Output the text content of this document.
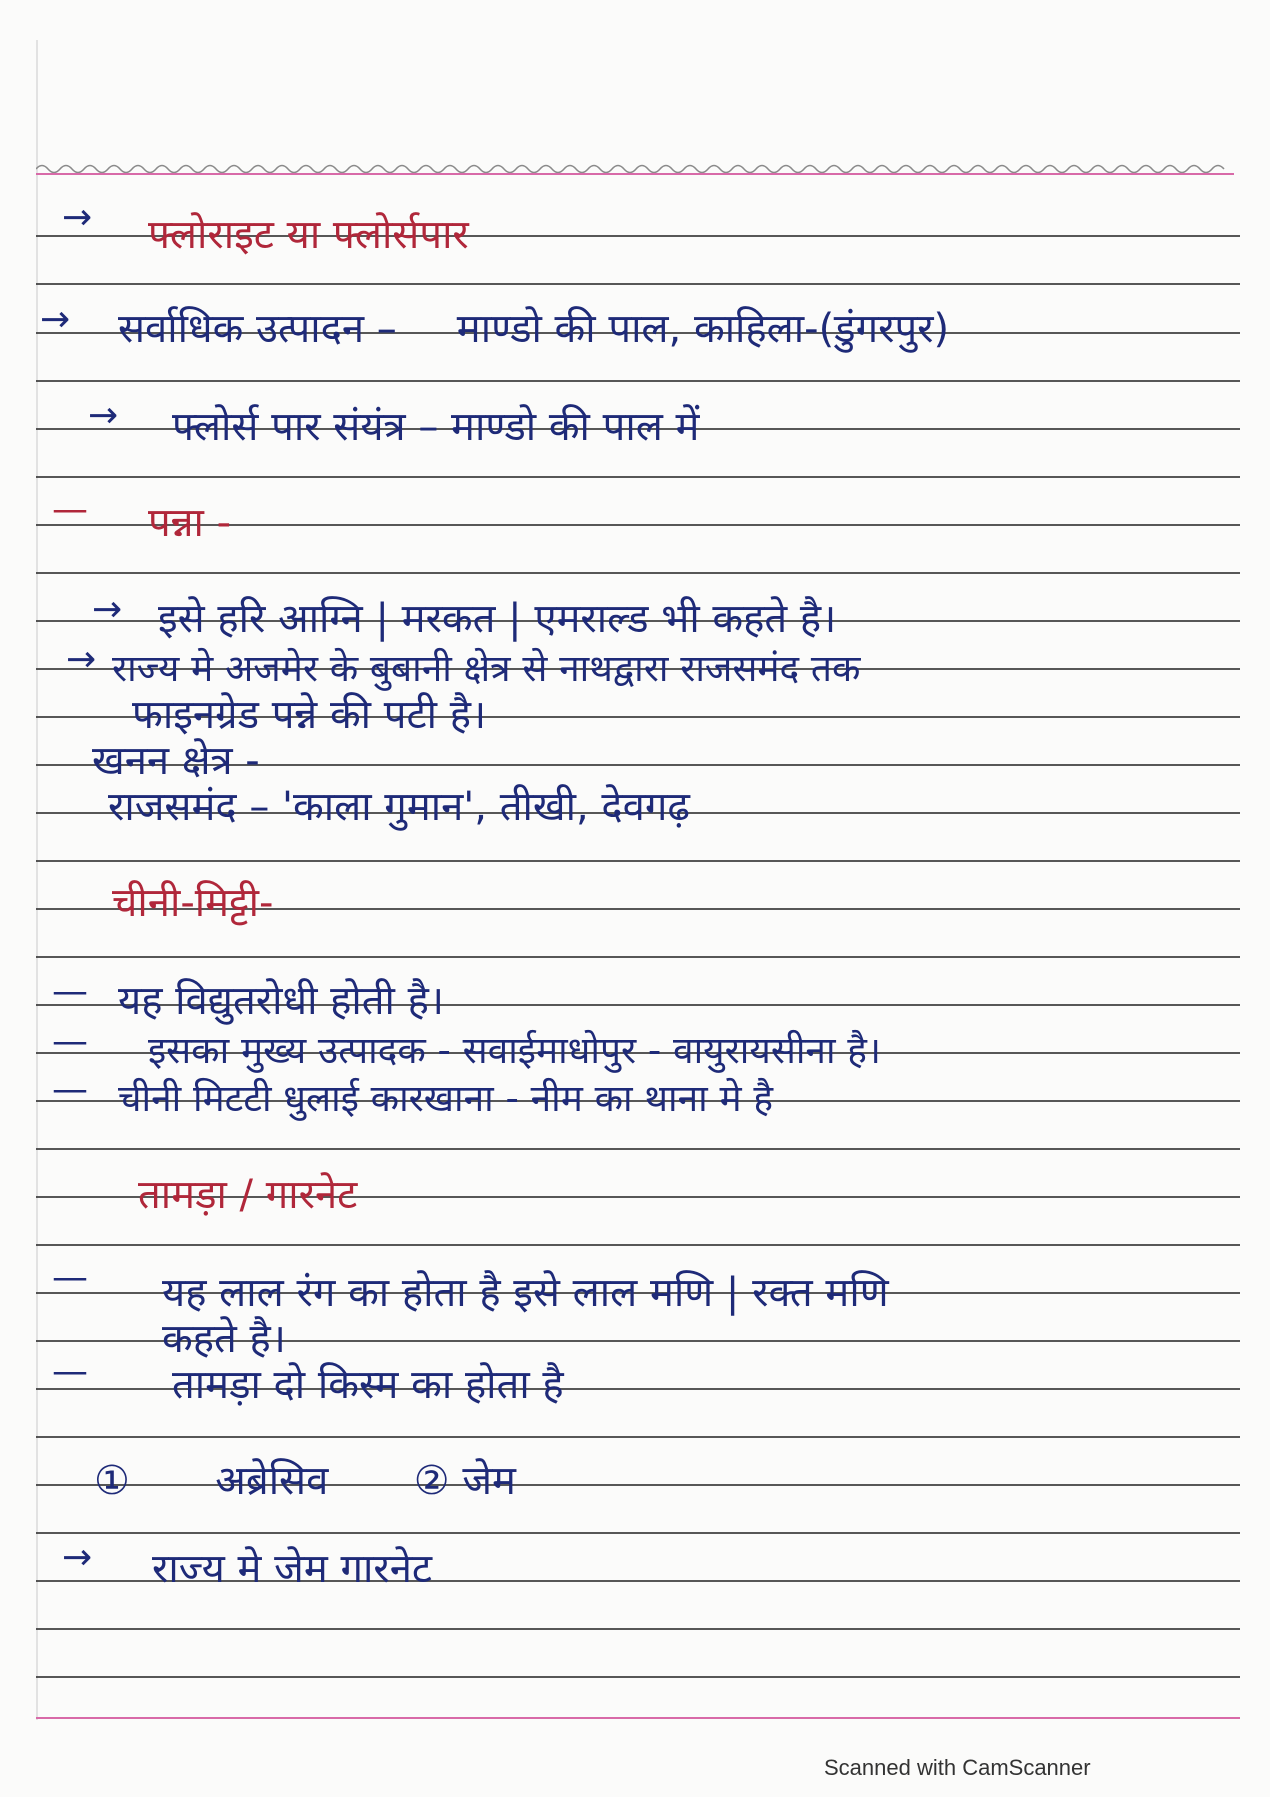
→
→
→
—
→
→
—
—
—
—
—
→
फ्लोराइट या फ्लोर्सपार
सर्वाधिक उत्पादन – माण्डो की पाल, काहिला-(डुंगरपुर)
फ्लोर्स पार संयंत्र – माण्डो की पाल में
पन्ना -
इसे हरि आग्नि | मरकत | एमराल्ड भी कहते है।
राज्य मे अजमेर के बुबानी क्षेत्र से नाथद्वारा राजसमंद तक
फाइनग्रेड पन्ने की पटी है।
खनन क्षेत्र -
राजसमंद – 'काला गुमान', तीखी, देवगढ़
चीनी-मिट्टी-
यह विद्युतरोधी होती है।
इसका मुख्य उत्पादक - सवाईमाधोपुर - वायुरायसीना है।
चीनी मिटटी धुलाई कारखाना - नीम का थाना मे है
तामड़ा / गारनेट
यह लाल रंग का होता है इसे लाल मणि | रक्त मणि
कहते है।
तामड़ा दो किस्म का होता है
① अब्रेसिव ② जेम
राज्य मे जेम गारनेट
Scanned with CamScanner
